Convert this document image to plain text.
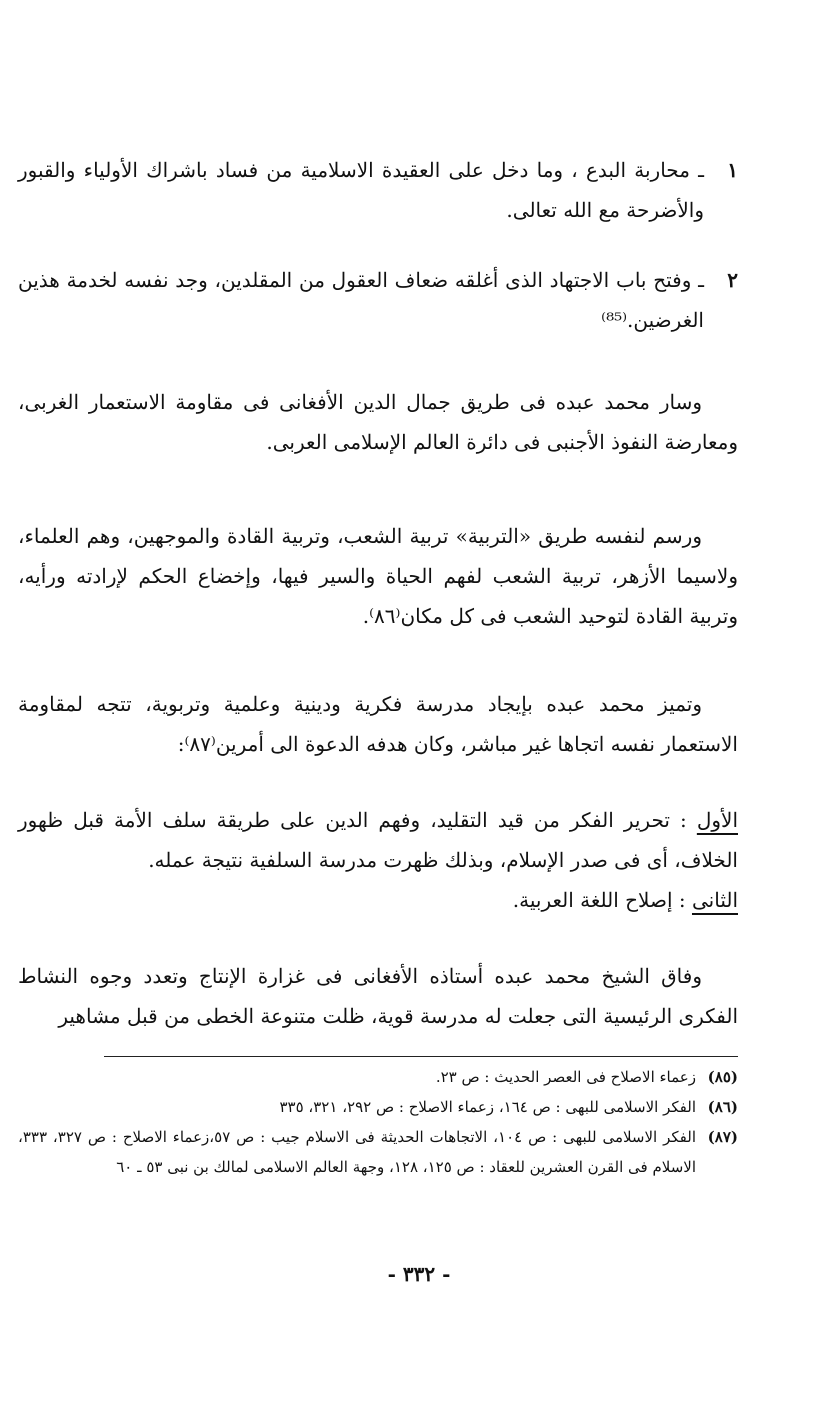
١
ـ محاربة البدع ، وما دخل على العقيدة الاسلامية من فساد باشراك الأولياء والقبور والأضرحة مع الله تعالى.
٢
ـ وفتح باب الاجتهاد الذى أغلقه ضعاف العقول من المقلدين، وجد نفسه لخدمة هذين الغرضين.⁽⁸⁵⁾

وسار محمد عبده فى طريق جمال الدين الأفغانى فى مقاومة الاستعمار الغربى، ومعارضة النفوذ الأجنبى فى دائرة العالم الإسلامى العربى.

ورسم لنفسه طريق «التربية» تربية الشعب، وتربية القادة والموجهين، وهم العلماء، ولاسيما الأزهر، تربية الشعب لفهم الحياة والسير فيها، وإخضاع الحكم لإرادته ورأيه، وتربية القادة لتوحيد الشعب فى كل مكان⁽٨٦⁾.

وتميز محمد عبده بإيجاد مدرسة فكرية ودينية وعلمية وتربوية، تتجه لمقاومة الاستعمار نفسه اتجاها غير مباشر، وكان هدفه الدعوة الى أمرين⁽٨٧⁾:

الأول : تحرير الفكر من قيد التقليد، وفهم الدين على طريقة سلف الأمة قبل ظهور الخلاف، أى فى صدر الإسلام، وبذلك ظهرت مدرسة السلفية نتيجة عمله.
الثانى : إصلاح اللغة العربية.

وفاق الشيخ محمد عبده أستاذه الأفغانى فى غزارة الإنتاج وتعدد وجوه النشاط الفكرى الرئيسية التى جعلت له مدرسة قوية، ظلت متنوعة الخطى من قبل مشاهير

(٨٥)
زعماء الاصلاح فى العصر الحديث : ص ٢٣.
(٨٦)
الفكر الاسلامى للبهى : ص ١٦٤، زعماء الاصلاح : ص ٢٩٢، ٣٢١، ٣٣٥
(٨٧)
الفكر الاسلامى للبهى : ص ١٠٤، الاتجاهات الحديثة فى الاسلام جيب : ص ٥٧،زعماء الاصلاح : ص ٣٢٧، ٣٣٣، الاسلام فى القرن العشرين للعقاد : ص ١٢٥، ١٢٨، وجهة العالم الاسلامى لمالك بن نبى ٥٣ ـ ٦٠
- ٣٣٢ -
